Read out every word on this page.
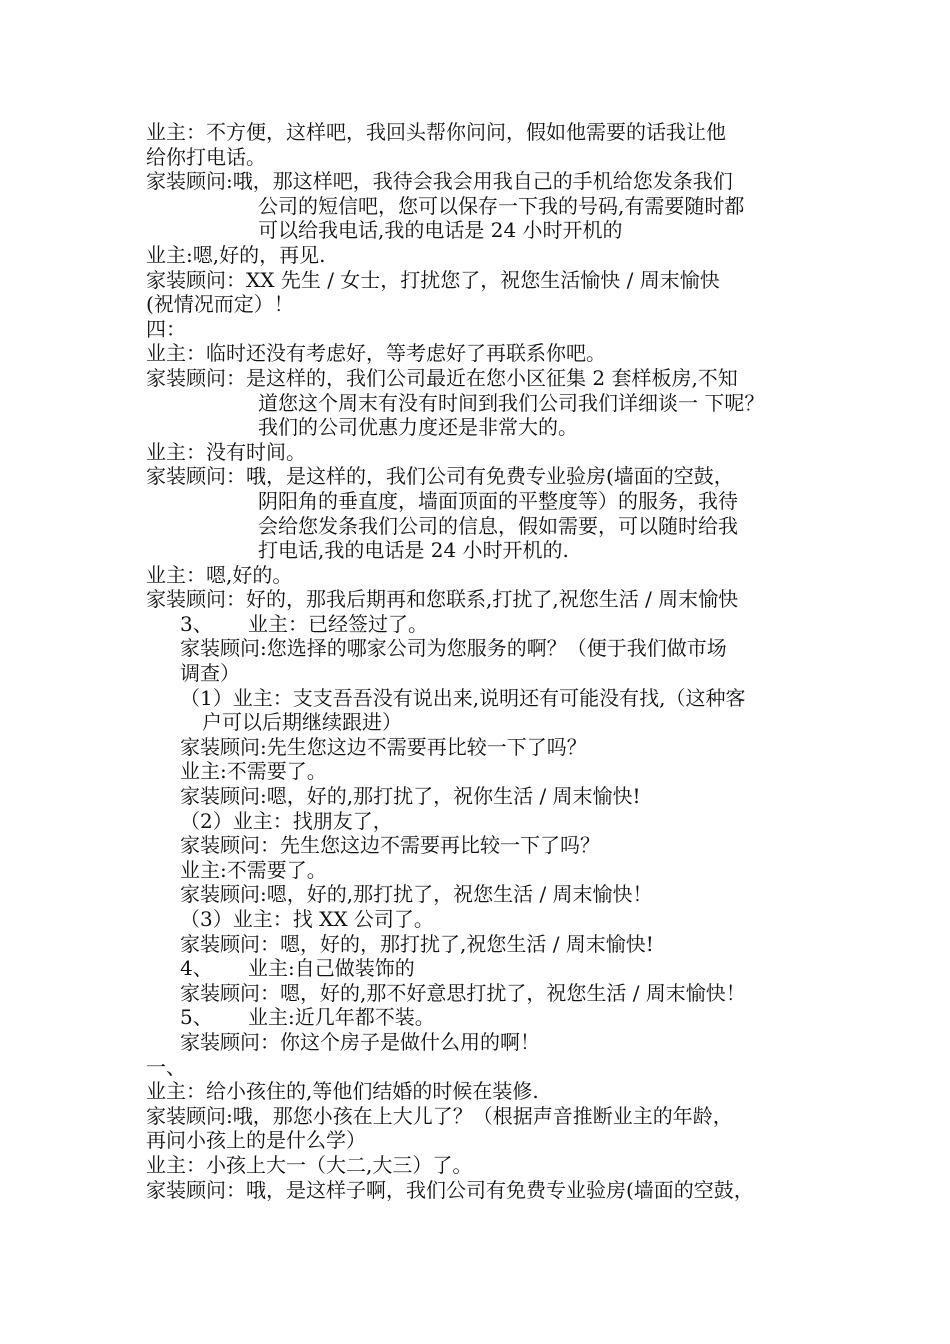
业主：不方便，这样吧，我回头帮你问问，假如他需要的话我让他
给你打电话。
家装顾问:哦，那这样吧，我待会我会用我自己的手机给您发条我们
公司的短信吧，您可以保存一下我的号码,有需要随时都
可以给我电话,我的电话是 24 小时开机的
业主:嗯,好的，再见.
家装顾问：XX 先生 / 女士，打扰您了，祝您生活愉快 / 周末愉快
(祝情况而定）！
四：
业主：临时还没有考虑好，等考虑好了再联系你吧。
家装顾问：是这样的，我们公司最近在您小区征集 2 套样板房,不知
道您这个周末有没有时间到我们公司我们详细谈一 下呢？
我们的公司优惠力度还是非常大的。
业主：没有时间。
家装顾问：哦，是这样的，我们公司有免费专业验房(墙面的空鼓，
阴阳角的垂直度，墙面顶面的平整度等）的服务，我待
会给您发条我们公司的信息，假如需要，可以随时给我
打电话,我的电话是 24 小时开机的.
业主：嗯,好的。
家装顾问：好的，那我后期再和您联系,打扰了,祝您生活 / 周末愉快
3、 业主：已经签过了。
家装顾问:您选择的哪家公司为您服务的啊？（便于我们做市场
调查）
（1）业主：支支吾吾没有说出来,说明还有可能没有找,（这种客
户可以后期继续跟进）
家装顾问:先生您这边不需要再比较一下了吗？
业主:不需要了。
家装顾问:嗯，好的,那打扰了，祝你生活 / 周末愉快!
（2）业主：找朋友了，
家装顾问：先生您这边不需要再比较一下了吗？
业主:不需要了。
家装顾问:嗯，好的,那打扰了，祝您生活 / 周末愉快！
（3）业主：找 XX 公司了。
家装顾问：嗯，好的，那打扰了,祝您生活 / 周末愉快!
4、 业主:自己做装饰的
家装顾问：嗯，好的,那不好意思打扰了，祝您生活 / 周末愉快！
5、 业主:近几年都不装。
家装顾问：你这个房子是做什么用的啊！
一、
业主：给小孩住的,等他们结婚的时候在装修.
家装顾问:哦，那您小孩在上大儿了？（根据声音推断业主的年龄，
再问小孩上的是什么学）
业主：小孩上大一（大二,大三）了。
家装顾问：哦，是这样子啊，我们公司有免费专业验房(墙面的空鼓，
